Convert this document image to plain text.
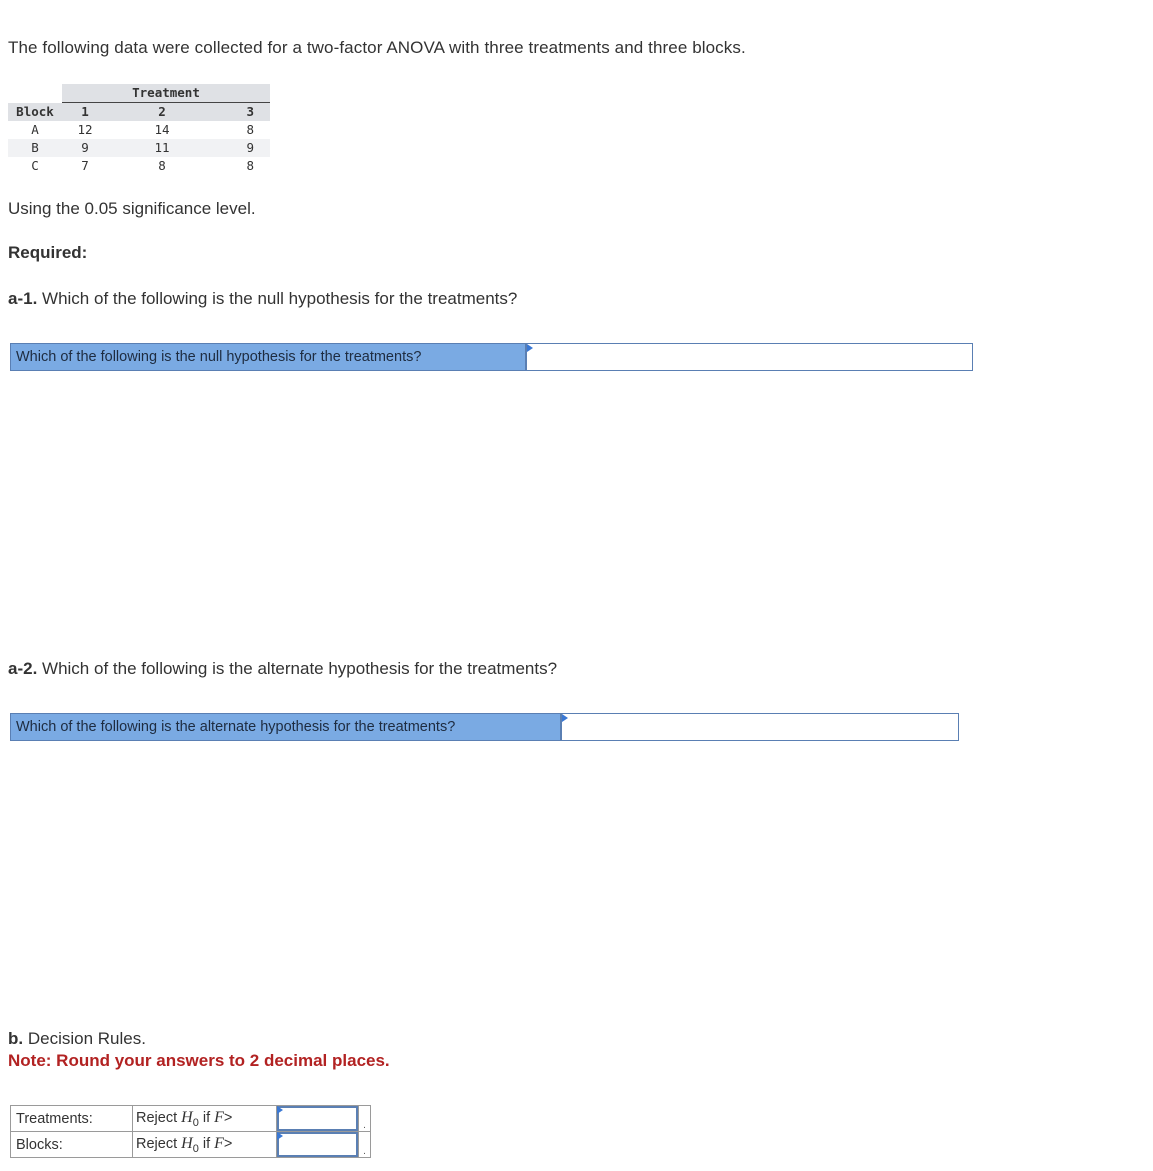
The following data were collected for a two-factor ANOVA with three treatments and three blocks.
	Treatment		
Block	1	2	3
A	12	14	8
B	9	11	9
C	7	8	8
Using the 0.05 significance level.
Required:
a-1. Which of the following is the null hypothesis for the treatments?
Which of the following is the null hypothesis for the treatments?
a-2. Which of the following is the alternate hypothesis for the treatments?
Which of the following is the alternate hypothesis for the treatments?
b. Decision Rules.
Note: Round your answers to 2 decimal places.
Treatments:	Reject $H_0$ if F>		.
Blocks:	Reject $H_0$ if F>		.
